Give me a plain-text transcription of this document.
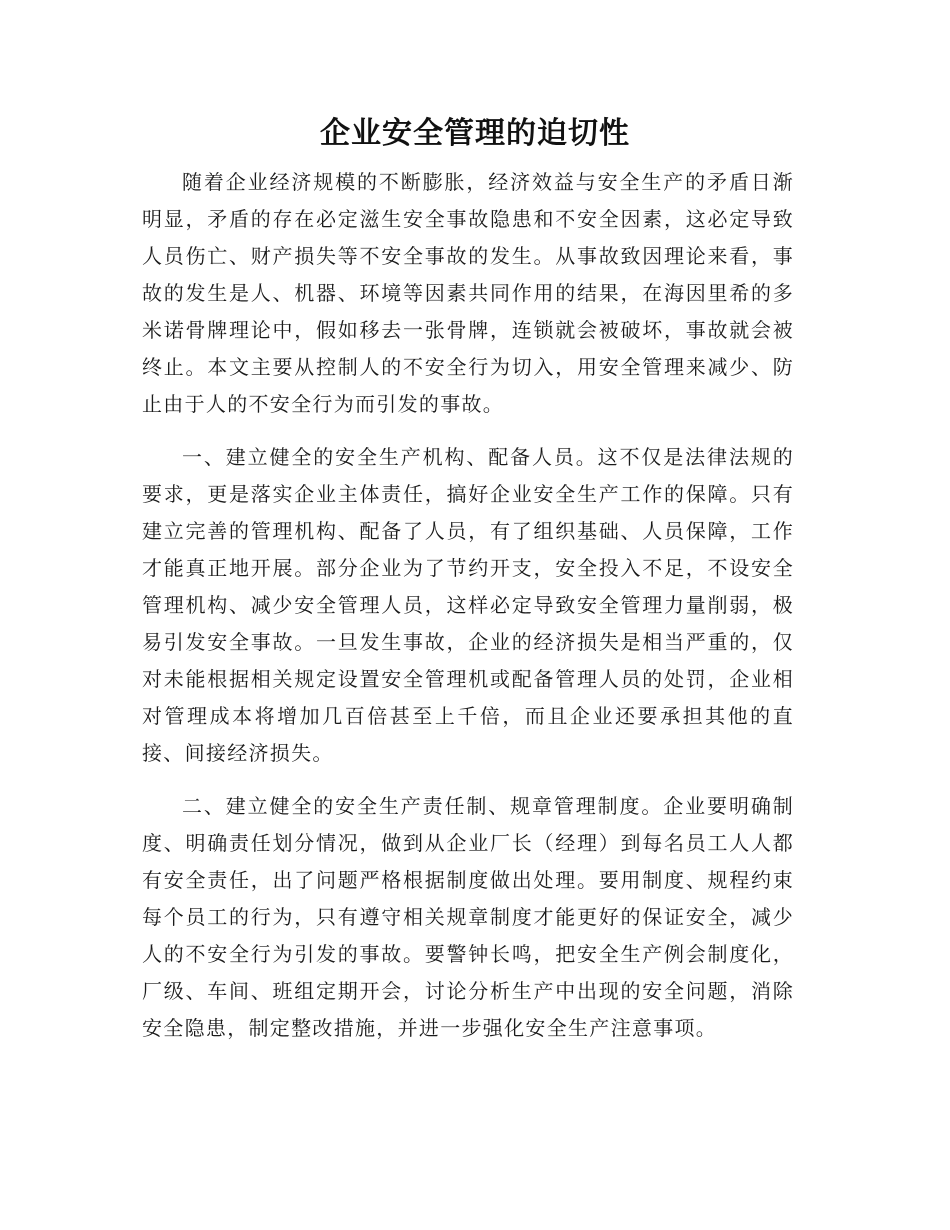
企业安全管理的迫切性

随着企业经济规模的不断膨胀，经济效益与安全生产的矛盾日渐明显，矛盾的存在必定滋生安全事故隐患和不安全因素，这必定导致人员伤亡、财产损失等不安全事故的发生。从事故致因理论来看，事故的发生是人、机器、环境等因素共同作用的结果，在海因里希的多米诺骨牌理论中，假如移去一张骨牌，连锁就会被破坏，事故就会被终止。本文主要从控制人的不安全行为切入，用安全管理来减少、防止由于人的不安全行为而引发的事故。

一、建立健全的安全生产机构、配备人员。这不仅是法律法规的要求，更是落实企业主体责任，搞好企业安全生产工作的保障。只有建立完善的管理机构、配备了人员，有了组织基础、人员保障，工作才能真正地开展。部分企业为了节约开支，安全投入不足，不设安全管理机构、减少安全管理人员，这样必定导致安全管理力量削弱，极易引发安全事故。一旦发生事故，企业的经济损失是相当严重的，仅对未能根据相关规定设置安全管理机或配备管理人员的处罚，企业相对管理成本将增加几百倍甚至上千倍，而且企业还要承担其他的直接、间接经济损失。

二、建立健全的安全生产责任制、规章管理制度。企业要明确制度、明确责任划分情况，做到从企业厂长（经理）到每名员工人人都有安全责任，出了问题严格根据制度做出处理。要用制度、规程约束每个员工的行为，只有遵守相关规章制度才能更好的保证安全，减少人的不安全行为引发的事故。要警钟长鸣，把安全生产例会制度化，厂级、车间、班组定期开会，讨论分析生产中出现的安全问题，消除安全隐患，制定整改措施，并进一步强化安全生产注意事项。
